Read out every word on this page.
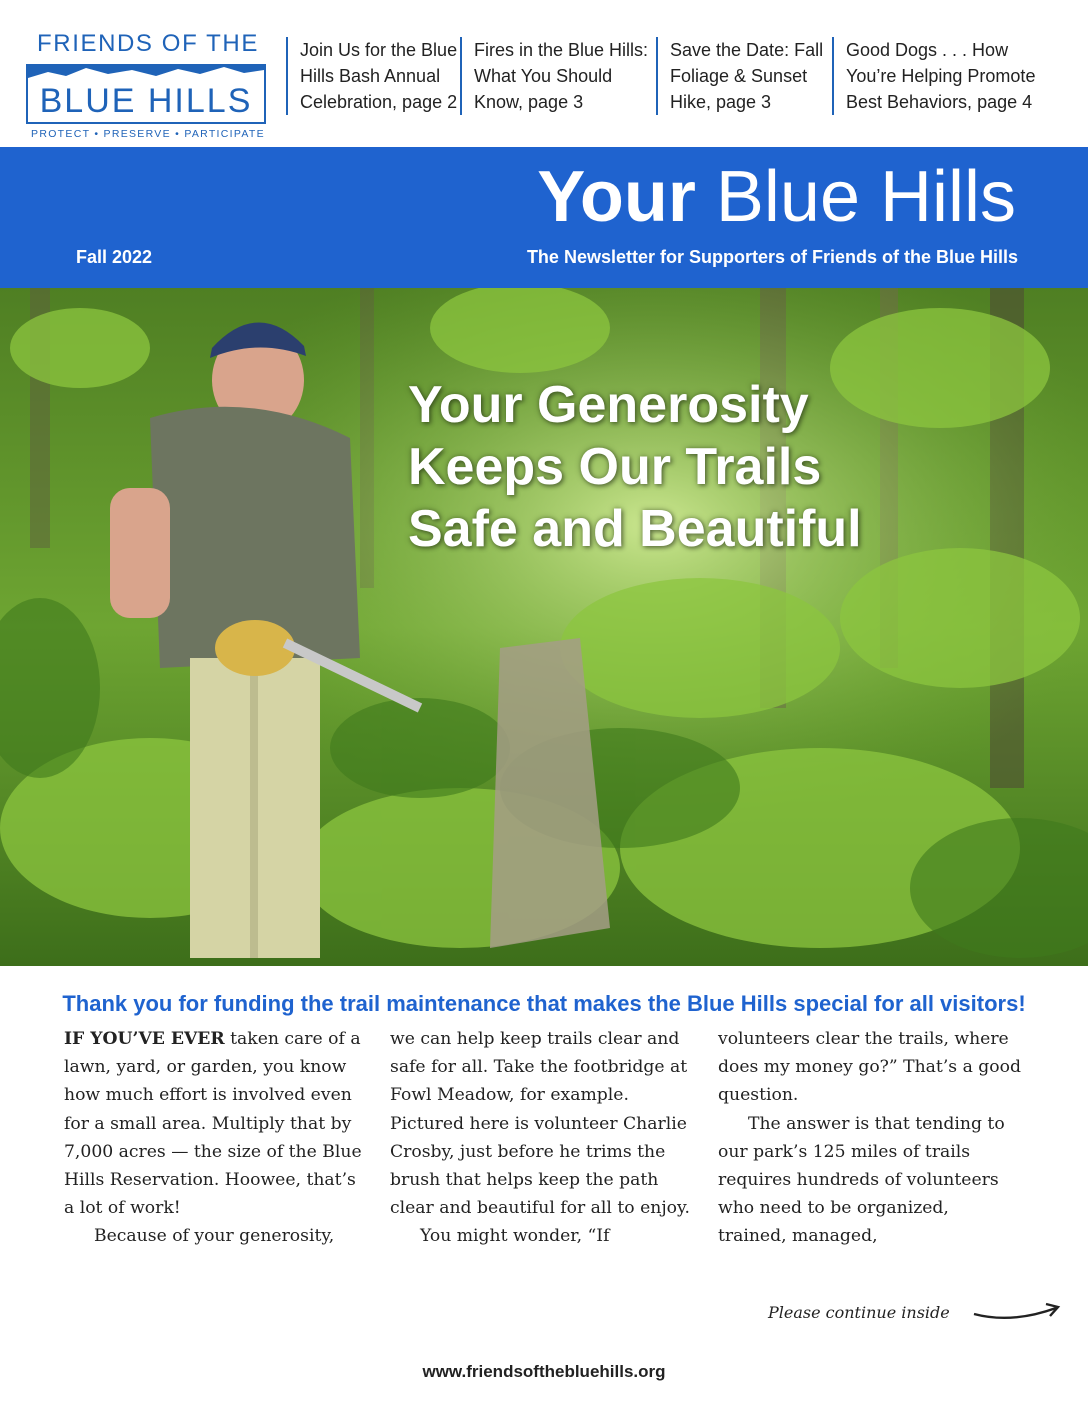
FRIENDS OF THE
BLUE HILLS
PROTECT • PRESERVE • PARTICIPATE
Join Us for the Blue
Hills Bash Annual
Celebration, page 2
Fires in the Blue Hills:
What You Should
Know, page 3
Save the Date: Fall
Foliage & Sunset
Hike, page 3
Good Dogs . . . How
You’re Helping Promote
Best Behaviors, page 4
Your Blue Hills
Fall 2022	The Newsletter for Supporters of Friends of the Blue Hills
Your Generosity
Keeps Our Trails
Safe and Beautiful
Thank you for funding the trail maintenance that makes the Blue Hills special for all visitors!

IF YOU’VE EVER taken care of a lawn, yard, or garden, you know how much effort is involved even for a small area. Multiply that by 7,000 acres — the size of the Blue Hills Reservation. Hoowee, that’s a lot of work!

Because of your generosity,

we can help keep trails clear and safe for all. Take the footbridge at Fowl Meadow, for example. Pictured here is volunteer Charlie Crosby, just before he trims the brush that helps keep the path clear and beautiful for all to enjoy.

You might wonder, “If

volunteers clear the trails, where does my money go?” That’s a good question.

The answer is that tending to our park’s 125 miles of trails requires hundreds of volunteers who need to be organized, trained, managed,

Please continue inside
www.friendsofthebluehills.org
